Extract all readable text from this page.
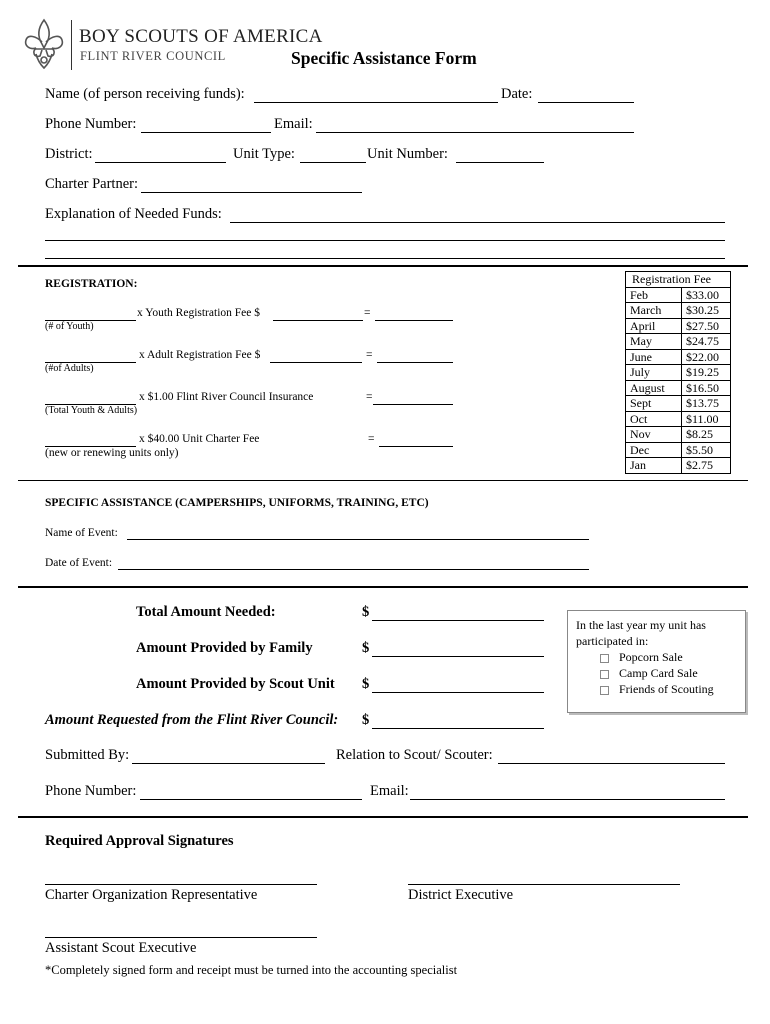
BOY SCOUTS OF AMERICA
FLINT RIVER COUNCIL	Specific Assistance Form
Name (of person receiving funds):	Date:
Phone Number:	Email:
District:	Unit Type:	Unit Number:
Charter Partner:
Explanation of Needed Funds:
REGISTRATION:
x Youth Registration Fee $	=
(# of Youth)
x Adult Registration Fee $	=
(#of Adults)
x $1.00 Flint River Council Insurance	=
(Total Youth & Adults)
x $40.00 Unit Charter Fee	=
(new or renewing units only)
Registration Fee	
Feb	$33.00
March	$30.25
April	$27.50
May	$24.75
June	$22.00
July	$19.25
August	$16.50
Sept	$13.75
Oct	$11.00
Nov	$8.25
Dec	$5.50
Jan	$2.75
SPECIFIC ASSISTANCE (CAMPERSHIPS, UNIFORMS, TRAINING, ETC)
Name of Event:
Date of Event:
Total Amount Needed:	$
Amount Provided by Family	$
Amount Provided by Scout Unit $
Amount Requested from the Flint River Council: $
In the last year my unit has
participated in:
Popcorn Sale
Camp Card Sale
Friends of Scouting
Submitted By:	Relation to Scout/ Scouter:
Phone Number:	Email:
Required Approval Signatures
Charter Organization Representative	District Executive
Assistant Scout Executive
*Completely signed form and receipt must be turned into the accounting specialist
